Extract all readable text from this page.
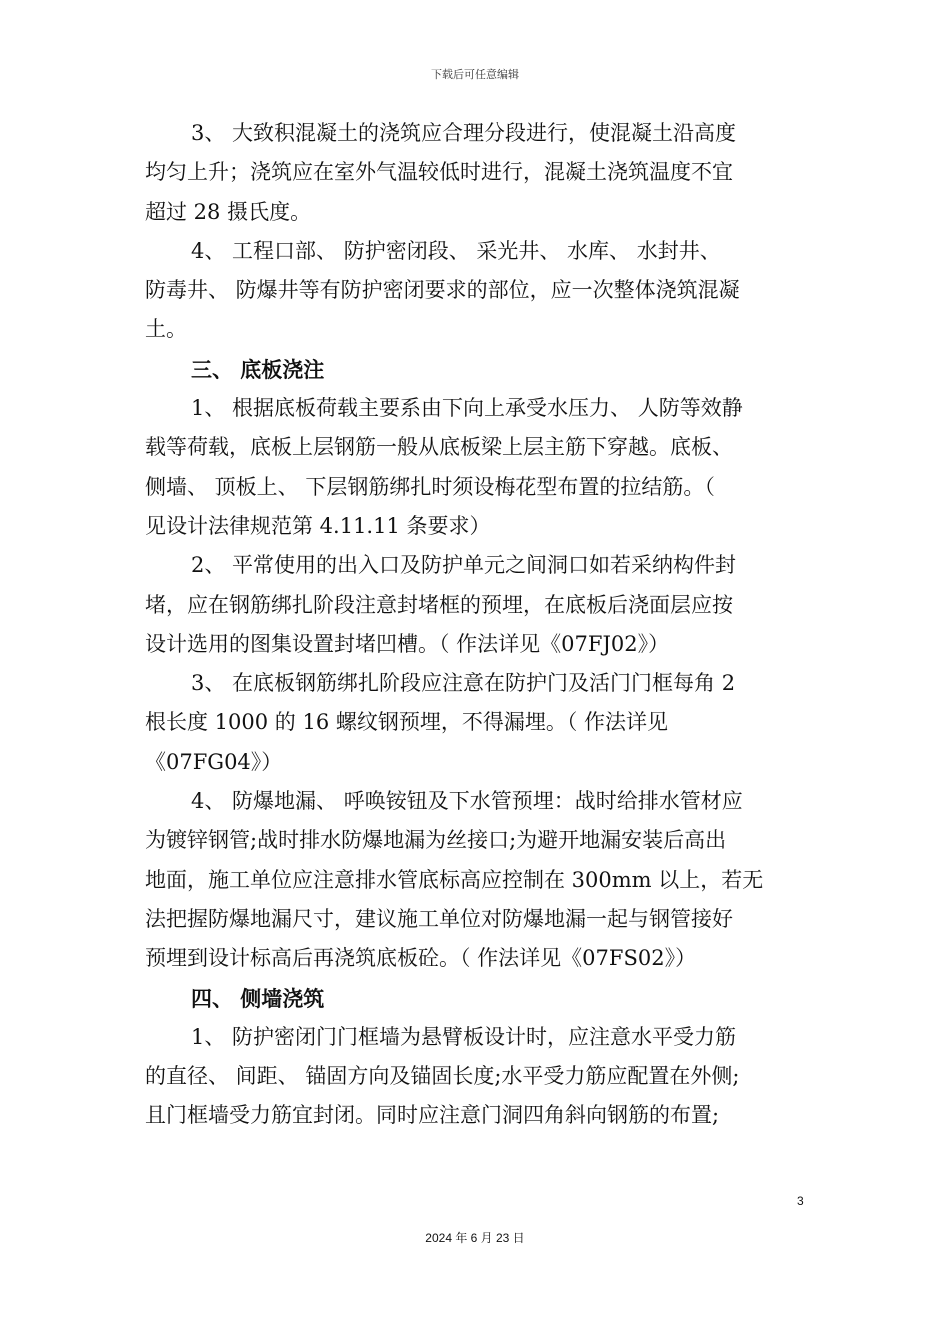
下载后可任意编辑
3、 大致积混凝土的浇筑应合理分段进行，使混凝土沿高度
均匀上升；浇筑应在室外气温较低时进行，混凝土浇筑温度不宜
超过 28 摄氏度。
4、 工程口部、 防护密闭段、 采光井、 水库、 水封井、
防毒井、 防爆井等有防护密闭要求的部位，应一次整体浇筑混凝
土。
三、 底板浇注
1、 根据底板荷载主要系由下向上承受水压力、 人防等效静
载等荷载，底板上层钢筋一般从底板梁上层主筋下穿越。底板、
侧墙、 顶板上、 下层钢筋绑扎时须设梅花型布置的拉结筋。（
见设计法律规范第 4.11.11 条要求）
2、 平常使用的出入口及防护单元之间洞口如若采纳构件封
堵，应在钢筋绑扎阶段注意封堵框的预埋，在底板后浇面层应按
设计选用的图集设置封堵凹槽。（ 作法详见《07FJ02》）
3、 在底板钢筋绑扎阶段应注意在防护门及活门门框每角 2
根长度 1000 的 16 螺纹钢预埋，不得漏埋。（ 作法详见
《07FG04》）
4、 防爆地漏、 呼唤铵钮及下水管预埋：战时给排水管材应
为镀锌钢管;战时排水防爆地漏为丝接口;为避开地漏安装后高出
地面，施工单位应注意排水管底标高应控制在 300mm 以上，若无
法把握防爆地漏尺寸，建议施工单位对防爆地漏一起与钢管接好
预埋到设计标高后再浇筑底板砼。（ 作法详见《07FS02》）
四、 侧墙浇筑
1、 防护密闭门门框墙为悬臂板设计时，应注意水平受力筋
的直径、 间距、 锚固方向及锚固长度;水平受力筋应配置在外侧;
且门框墙受力筋宜封闭。同时应注意门洞四角斜向钢筋的布置;
3
2024 年 6 月 23 日
